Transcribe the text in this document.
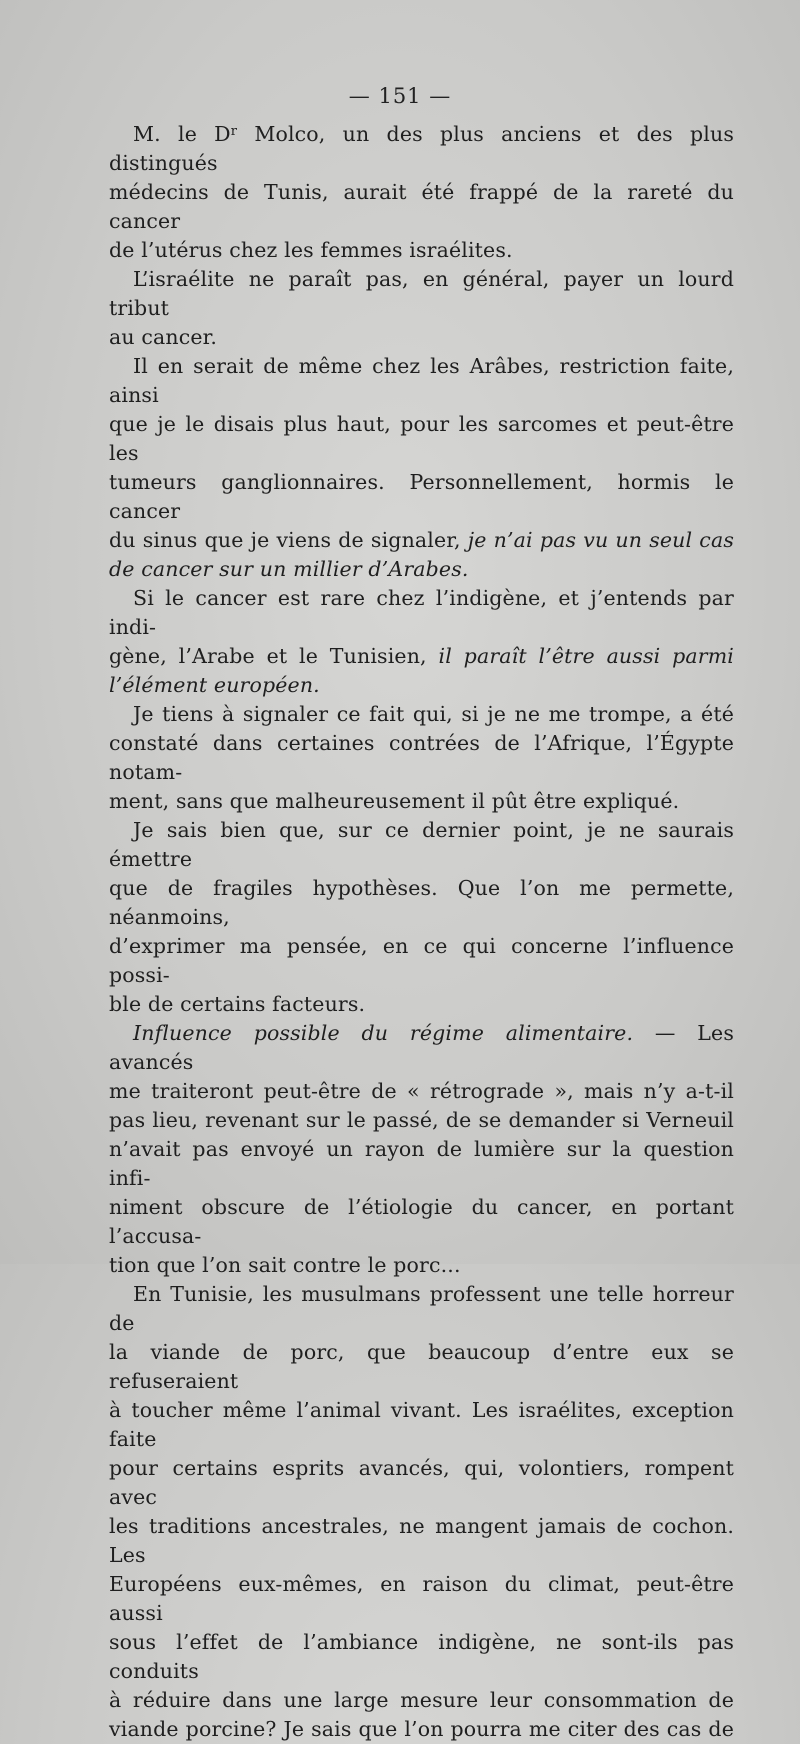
— 151 —

M. le $D^r$ Molco, un des plus anciens et des plus distingués
médecins de Tunis, aurait été frappé de la rareté du cancer
de l’utérus chez les femmes israélites.

L’israélite ne paraît pas, en général, payer un lourd tribut
au cancer.

Il en serait de même chez les Arâbes, restriction faite, ainsi
que je le disais plus haut, pour les sarcomes et peut-être les
tumeurs ganglionnaires. Personnellement, hormis le cancer
du sinus que je viens de signaler, je n’ai pas vu un seul cas
de cancer sur un millier d’Arabes.

Si le cancer est rare chez l’indigène, et j’entends par indi-
gène, l’Arabe et le Tunisien, il paraît l’être aussi parmi
l’élément européen.

Je tiens à signaler ce fait qui, si je ne me trompe, a été
constaté dans certaines contrées de l’Afrique, l’Égypte notam-
ment, sans que malheureusement il pût être expliqué.

Je sais bien que, sur ce dernier point, je ne saurais émettre
que de fragiles hypothèses. Que l’on me permette, néanmoins,
d’exprimer ma pensée, en ce qui concerne l’influence possi-
ble de certains facteurs.

Influence possible du régime alimentaire. — Les avancés
me traiteront peut-être de « rétrograde », mais n’y a-t-il
pas lieu, revenant sur le passé, de se demander si Verneuil
n’avait pas envoyé un rayon de lumière sur la question infi-
niment obscure de l’étiologie du cancer, en portant l’accusa-
tion que l’on sait contre le porc...

En Tunisie, les musulmans professent une telle horreur de
la viande de porc, que beaucoup d’entre eux se refuseraient
à toucher même l’animal vivant. Les israélites, exception faite
pour certains esprits avancés, qui, volontiers, rompent avec
les traditions ancestrales, ne mangent jamais de cochon. Les
Européens eux-mêmes, en raison du climat, peut-être aussi
sous l’effet de l’ambiance indigène, ne sont-ils pas conduits
à réduire dans une large mesure leur consommation de
viande porcine? Je sais que l’on pourra me citer des cas de
